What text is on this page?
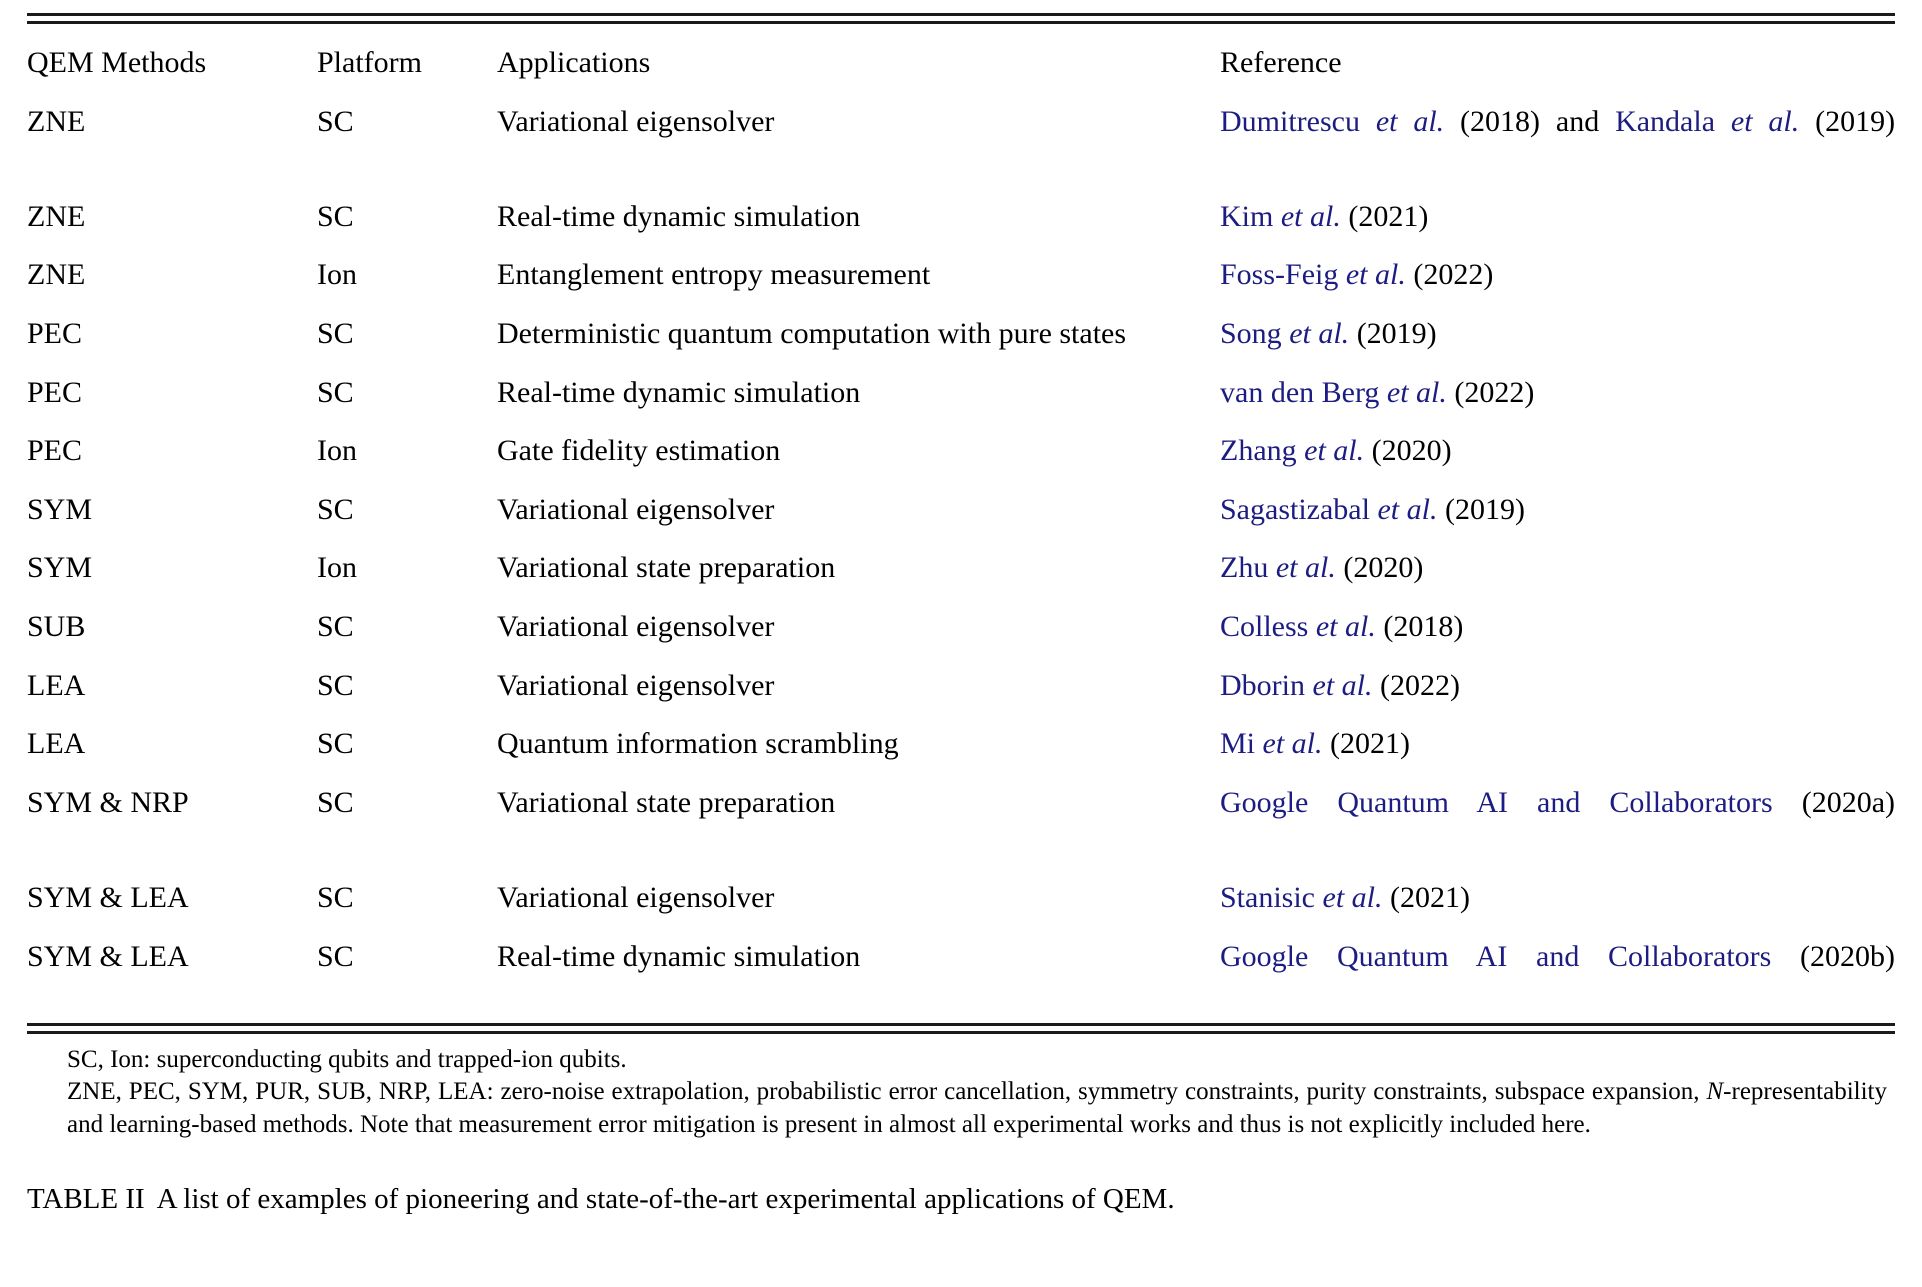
QEM Methods	Platform	Applications	Reference
ZNE	SC	Variational eigensolver	Dumitrescu et al. (2018) and Kandala et al. (2019)
ZNE	SC	Real-time dynamic simulation	Kim et al. (2021)
ZNE	Ion	Entanglement entropy measurement	Foss-Feig et al. (2022)
PEC	SC	Deterministic quantum computation with pure states	Song et al. (2019)
PEC	SC	Real-time dynamic simulation	van den Berg et al. (2022)
PEC	Ion	Gate fidelity estimation	Zhang et al. (2020)
SYM	SC	Variational eigensolver	Sagastizabal et al. (2019)
SYM	Ion	Variational state preparation	Zhu et al. (2020)
SUB	SC	Variational eigensolver	Colless et al. (2018)
LEA	SC	Variational eigensolver	Dborin et al. (2022)
LEA	SC	Quantum information scrambling	Mi et al. (2021)
SYM & NRP	SC	Variational state preparation	Google Quantum AI and Collaborators (2020a)
SYM & LEA	SC	Variational eigensolver	Stanisic et al. (2021)
SYM & LEA	SC	Real-time dynamic simulation	Google Quantum AI and Collaborators (2020b)

SC, Ion: superconducting qubits and trapped-ion qubits.

ZNE, PEC, SYM, PUR, SUB, NRP, LEA: zero-noise extrapolation, probabilistic error cancellation, symmetry constraints, purity constraints, subspace expansion, N-representability and learning-based methods. Note that measurement error mitigation is present in almost all experimental works and thus is not explicitly included here.

TABLE II A list of examples of pioneering and state-of-the-art experimental applications of QEM.
